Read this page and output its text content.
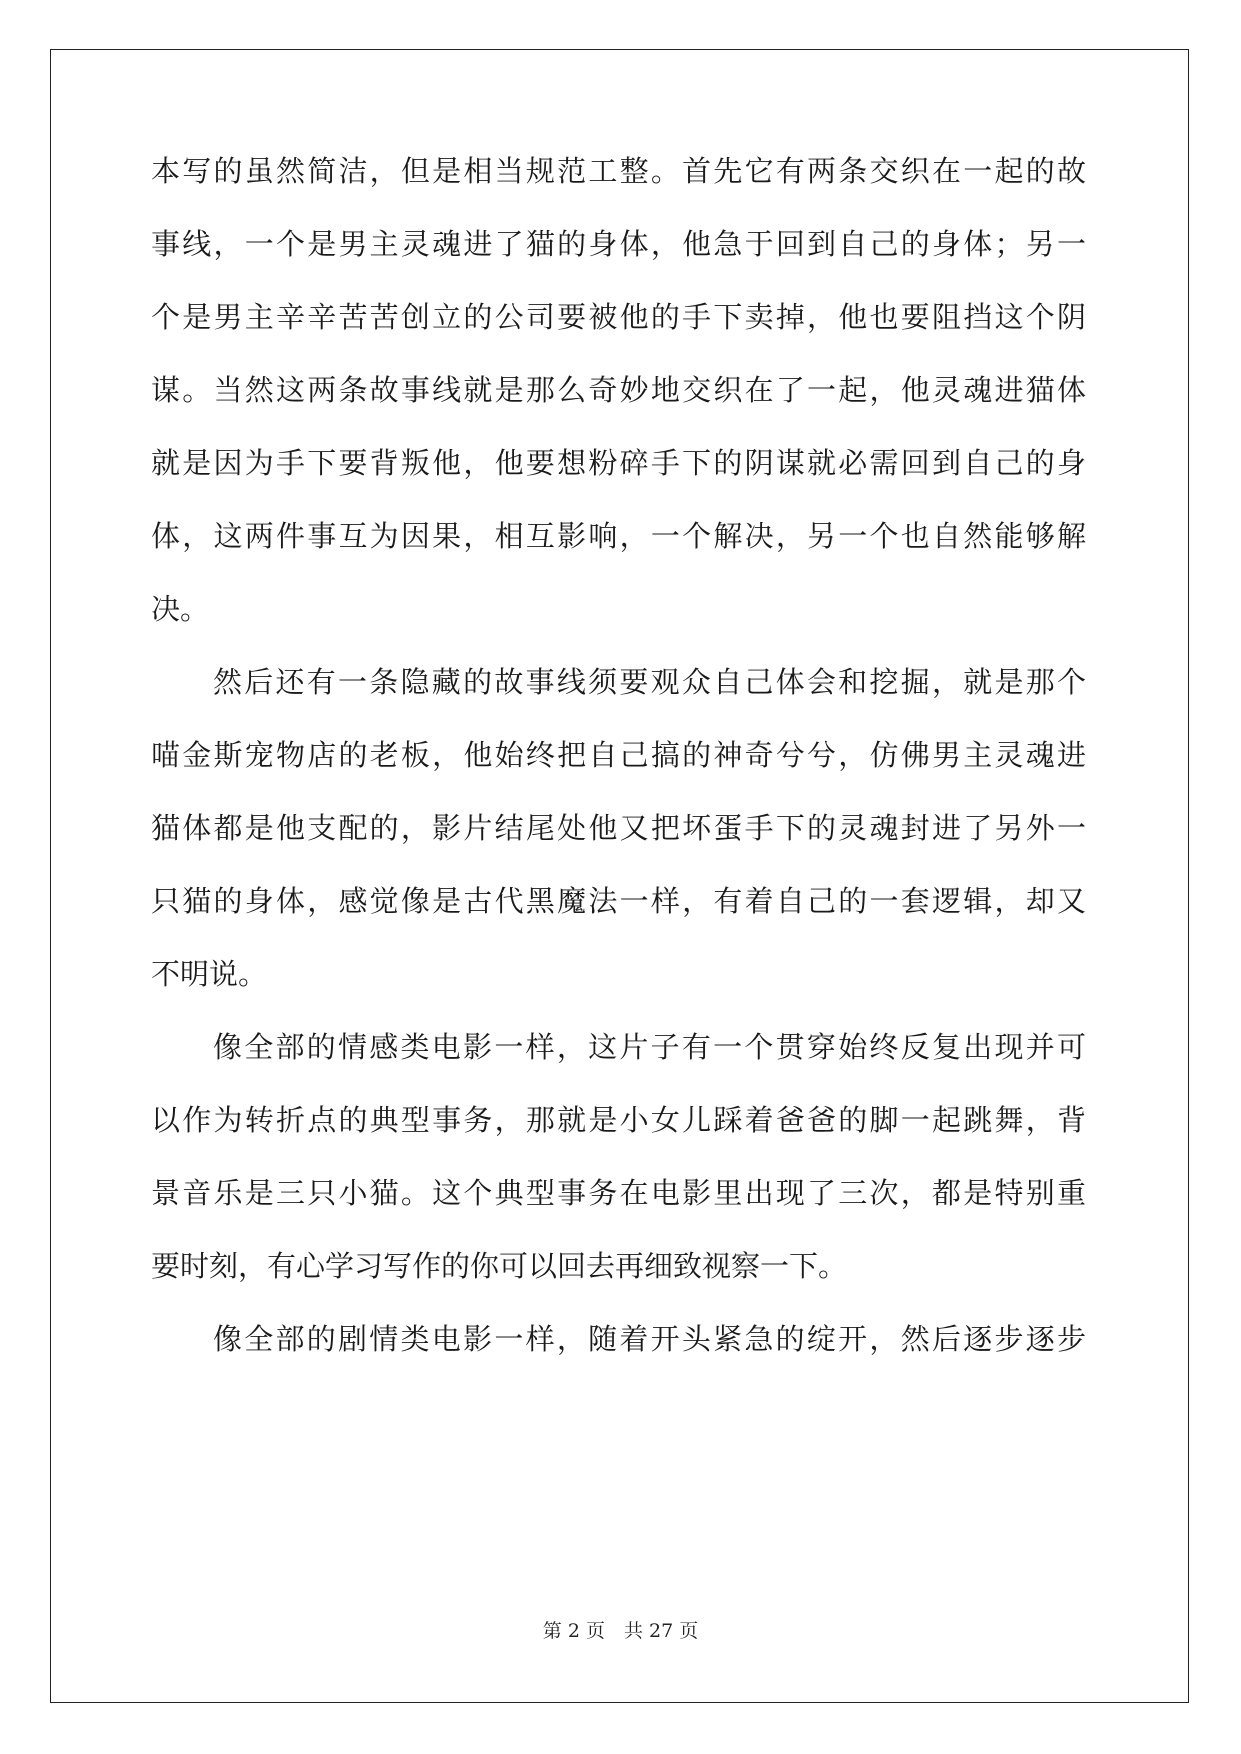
本写的虽然简洁，但是相当规范工整。首先它有两条交织在一起的故
事线，一个是男主灵魂进了猫的身体，他急于回到自己的身体；另一
个是男主辛辛苦苦创立的公司要被他的手下卖掉，他也要阻挡这个阴
谋。当然这两条故事线就是那么奇妙地交织在了一起，他灵魂进猫体
就是因为手下要背叛他，他要想粉碎手下的阴谋就必需回到自己的身
体，这两件事互为因果，相互影响，一个解决，另一个也自然能够解
决。
然后还有一条隐藏的故事线须要观众自己体会和挖掘，就是那个
喵金斯宠物店的老板，他始终把自己搞的神奇兮兮，仿佛男主灵魂进
猫体都是他支配的，影片结尾处他又把坏蛋手下的灵魂封进了另外一
只猫的身体，感觉像是古代黑魔法一样，有着自己的一套逻辑，却又
不明说。
像全部的情感类电影一样，这片子有一个贯穿始终反复出现并可
以作为转折点的典型事务，那就是小女儿踩着爸爸的脚一起跳舞，背
景音乐是三只小猫。这个典型事务在电影里出现了三次，都是特别重
要时刻，有心学习写作的你可以回去再细致视察一下。
像全部的剧情类电影一样，随着开头紧急的绽开，然后逐步逐步
第 2 页　共 27 页
